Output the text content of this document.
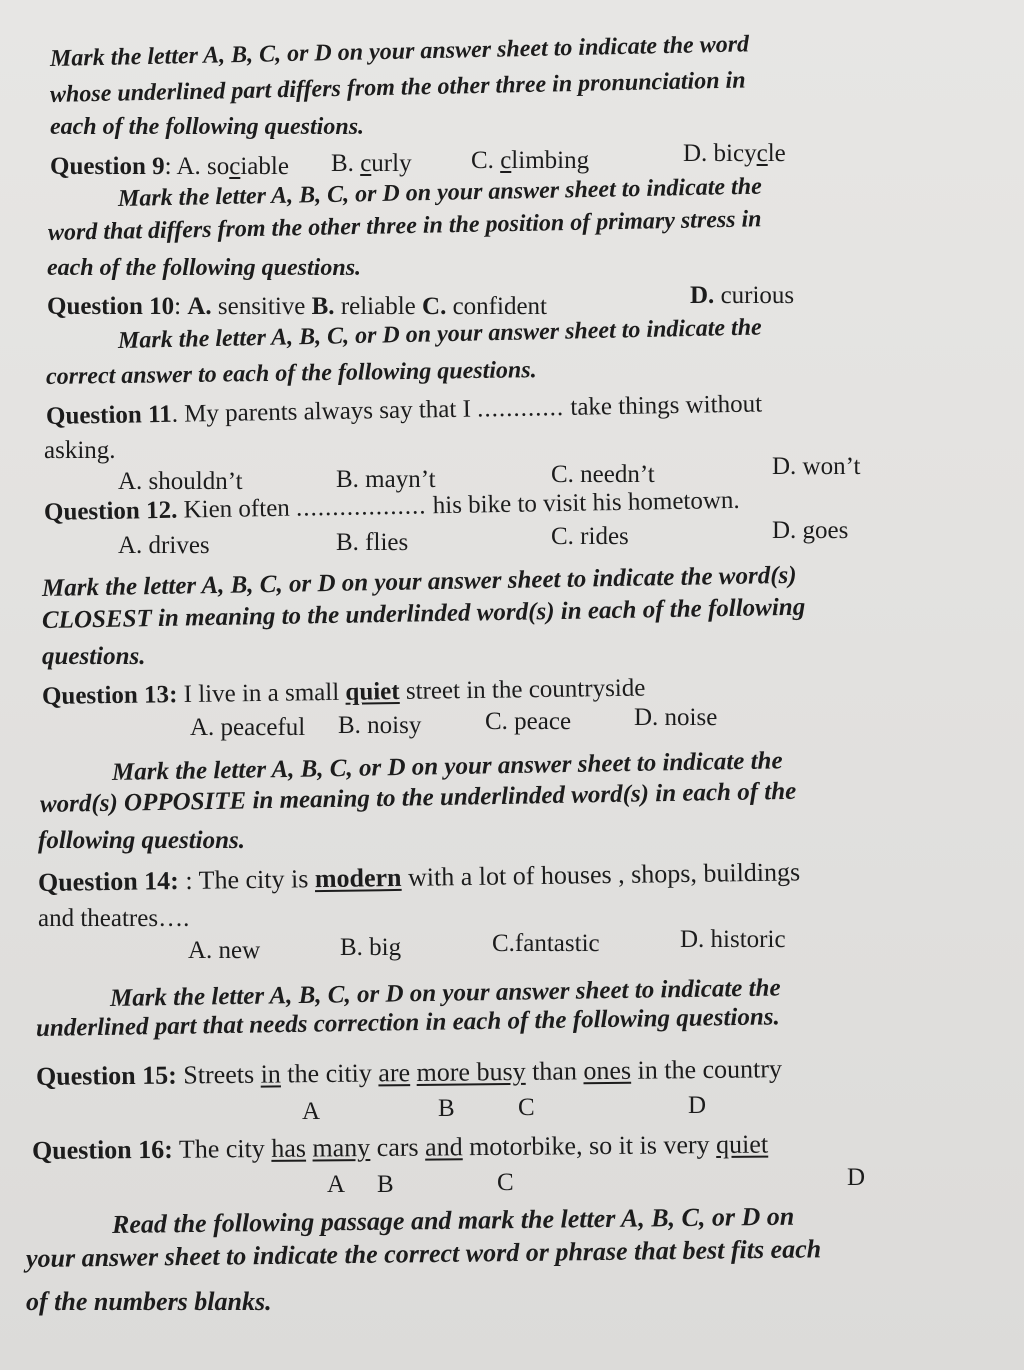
Mark the letter A, B, C, or D on your answer sheet to indicate the word
whose underlined part differs from the other three in pronunciation in
each of the following questions.
Question 9: A. sociable B. curly C. climbing	D. bicycle
Mark the letter A, B, C, or D on your answer sheet to indicate the
word that differs from the other three in the position of primary stress in
each of the following questions.
Question 10: A. sensitive B. reliable C. confident	D. curious
Mark the letter A, B, C, or D on your answer sheet to indicate the
correct answer to each of the following questions.
Question 11. My parents always say that I ............ take things without
asking.
A. shouldn’t	B. mayn’t	C. needn’t	D. won’t
Question 12. Kien often .................. his bike to visit his hometown.
A. drives	B. flies	C. rides	D. goes
Mark the letter A, B, C, or D on your answer sheet to indicate the word(s)
CLOSEST in meaning to the underlinded word(s) in each of the following
questions.
Question 13: I live in a small quiet street in the countryside
A. peaceful B. noisy	C. peace	D. noise
Mark the letter A, B, C, or D on your answer sheet to indicate the
word(s) OPPOSITE in meaning to the underlinded word(s) in each of the
following questions.
Question 14: : The city is modern with a lot of houses , shops, buildings
and theatres….
A. new	B. big	C.fantastic	D. historic
Mark the letter A, B, C, or D on your answer sheet to indicate the
underlined part that needs correction in each of the following questions.
Question 15: Streets in the citiy are more busy than ones in the country
A	B	C	D
Question 16: The city has many cars and motorbike, so it is very quiet
A B	C	D
Read the following passage and mark the letter A, B, C, or D on
your answer sheet to indicate the correct word or phrase that best fits each
of the numbers blanks.
